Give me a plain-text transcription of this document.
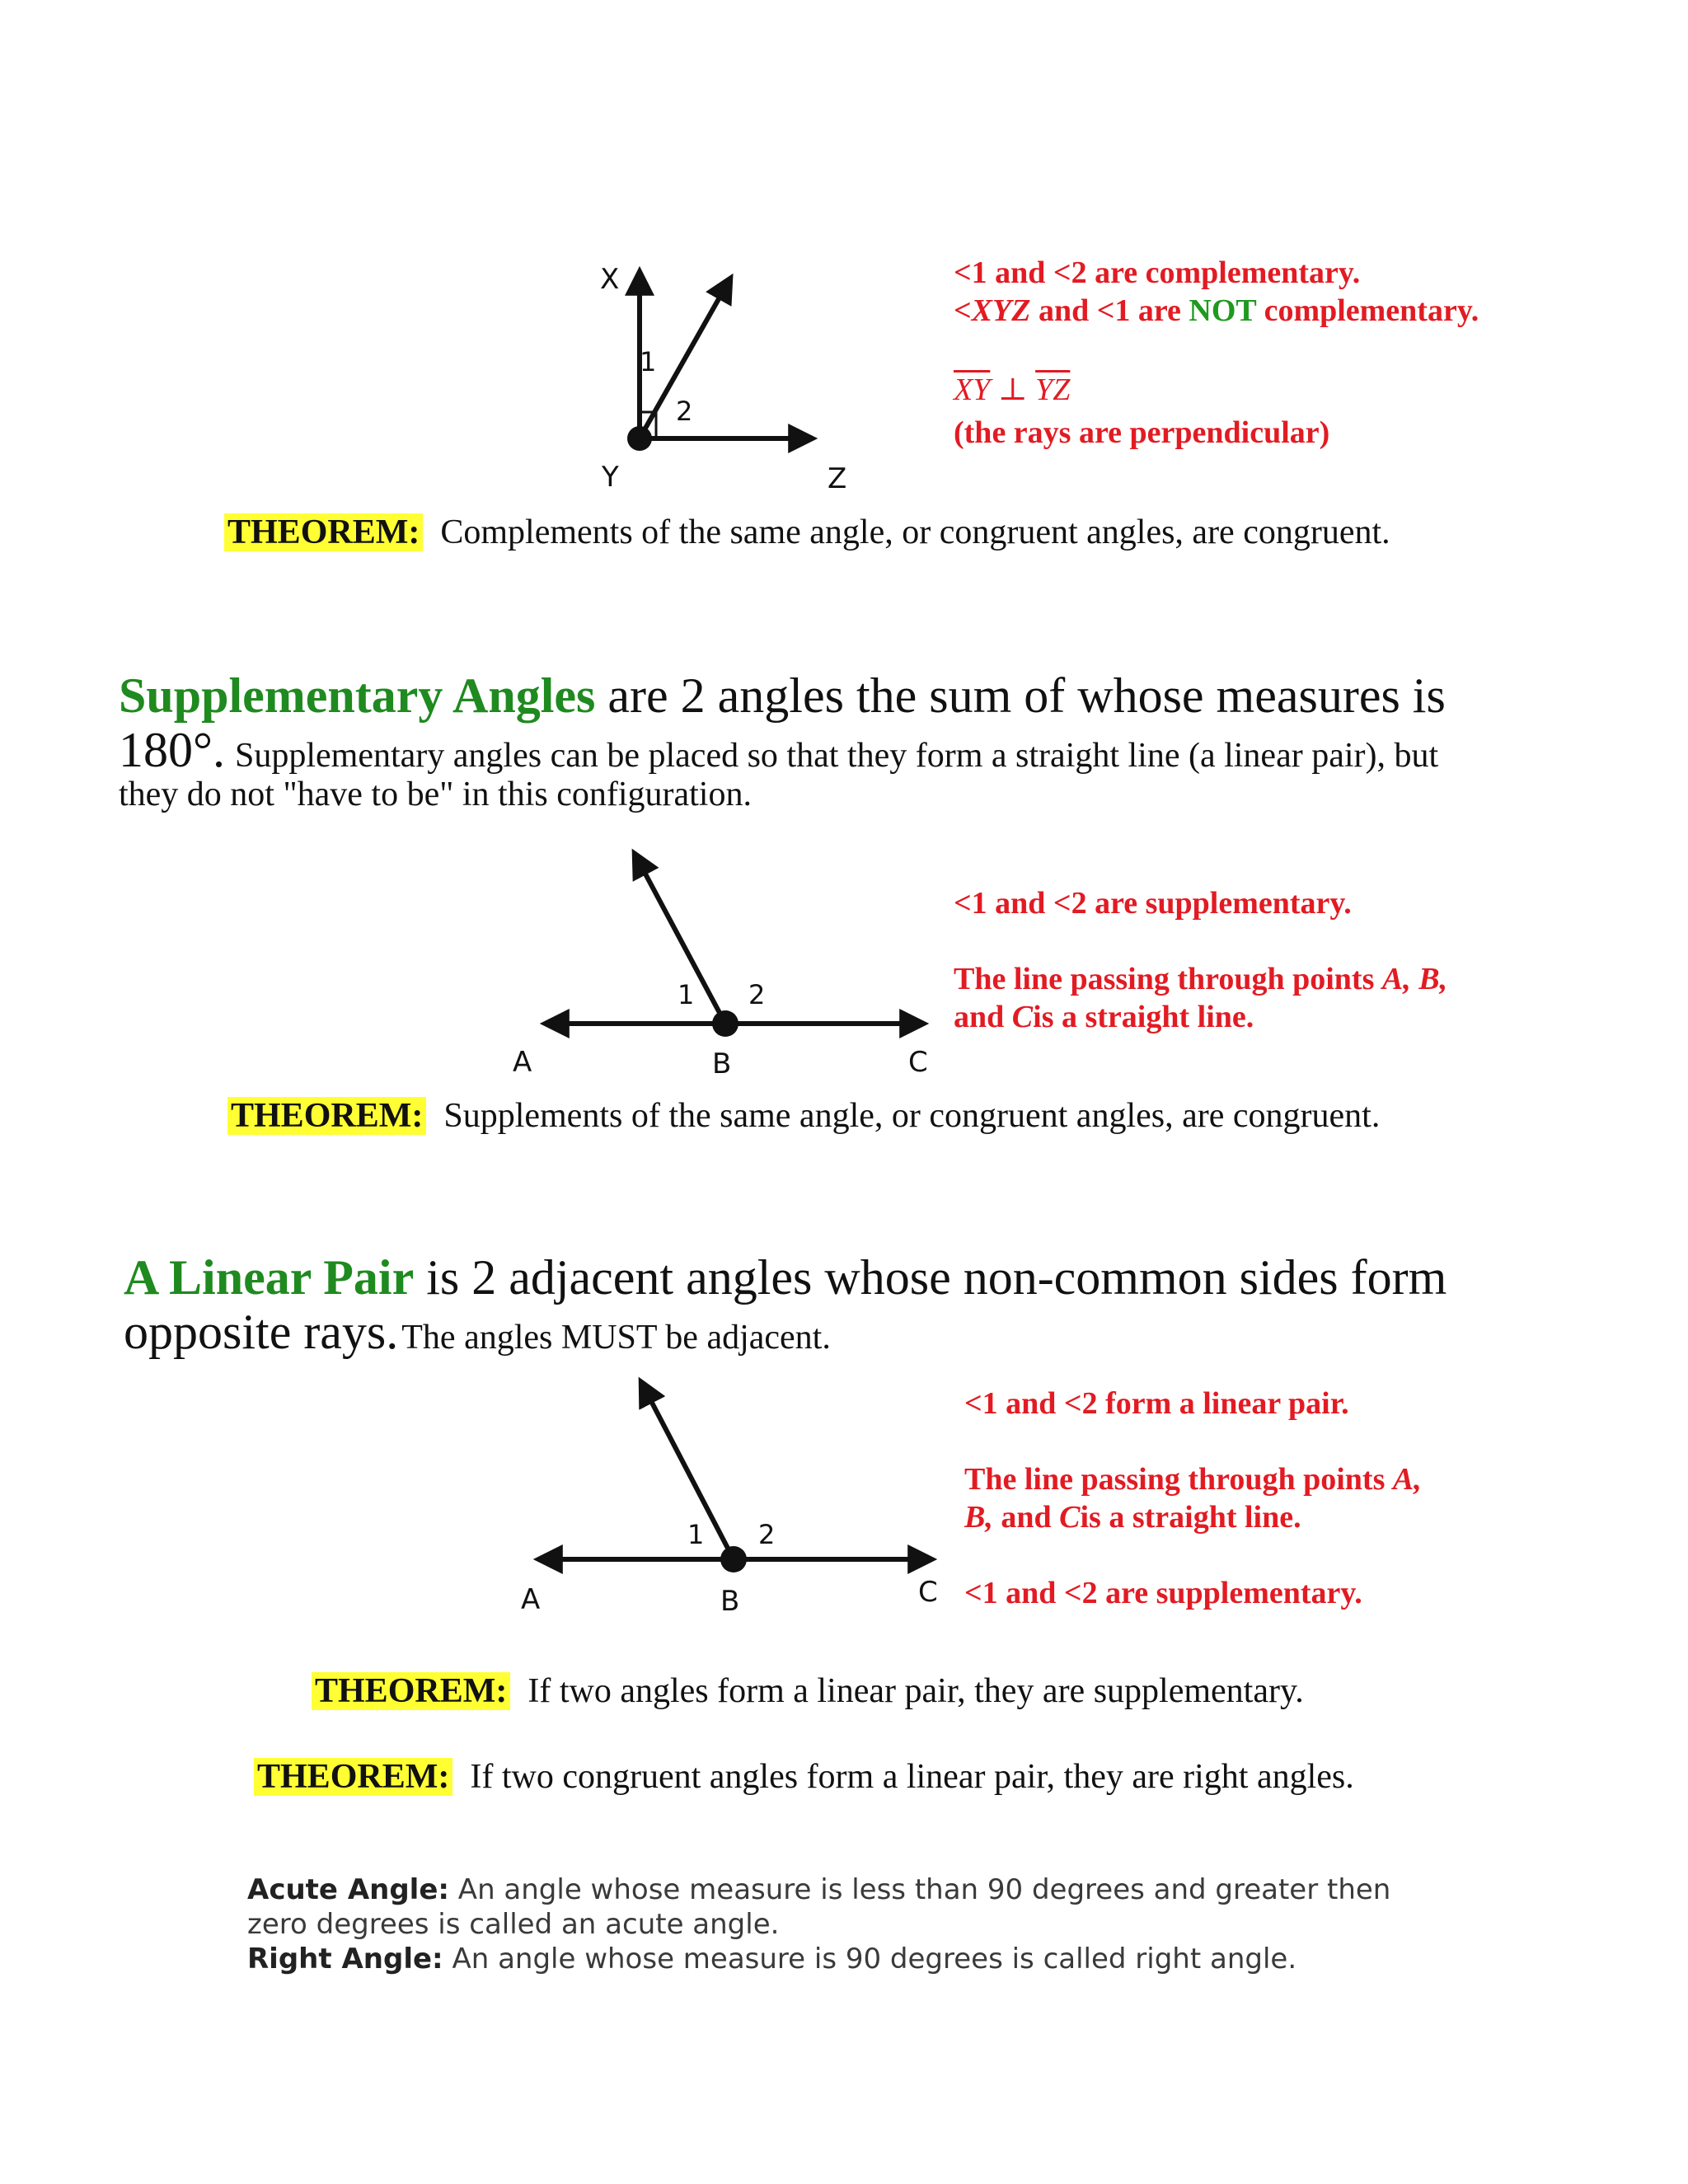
X
Y	Z
1
2
<1 and <2 are complementary.
<XYZ and <1 are NOT complementary.
$\overline{XY}$ ⊥ $\overline{YZ}$
(the rays are perpendicular)
THEOREM: Complements of the same angle, or congruent angles, are congruent.
Supplementary Angles are 2 angles the sum of whose measures is
180°. Supplementary angles can be placed so that they form a straight line (a linear pair), but
they do not "have to be" in this configuration.
A	B	C
1 2
<1 and <2 are supplementary.
The line passing through points A, B,
and Cis a straight line.
THEOREM: Supplements of the same angle, or congruent angles, are congruent.
A Linear Pair is 2 adjacent angles whose non-common sides form
opposite rays. The angles MUST be adjacent.
A	B	C
1 2
<1 and <2 form a linear pair.
The line passing through points A,
B, and Cis a straight line.
<1 and <2 are supplementary.
THEOREM: If two angles form a linear pair, they are supplementary.
THEOREM: If two congruent angles form a linear pair, they are right angles.
Acute Angle: An angle whose measure is less than 90 degrees and greater then
zero degrees is called an acute angle.
Right Angle: An angle whose measure is 90 degrees is called right angle.
